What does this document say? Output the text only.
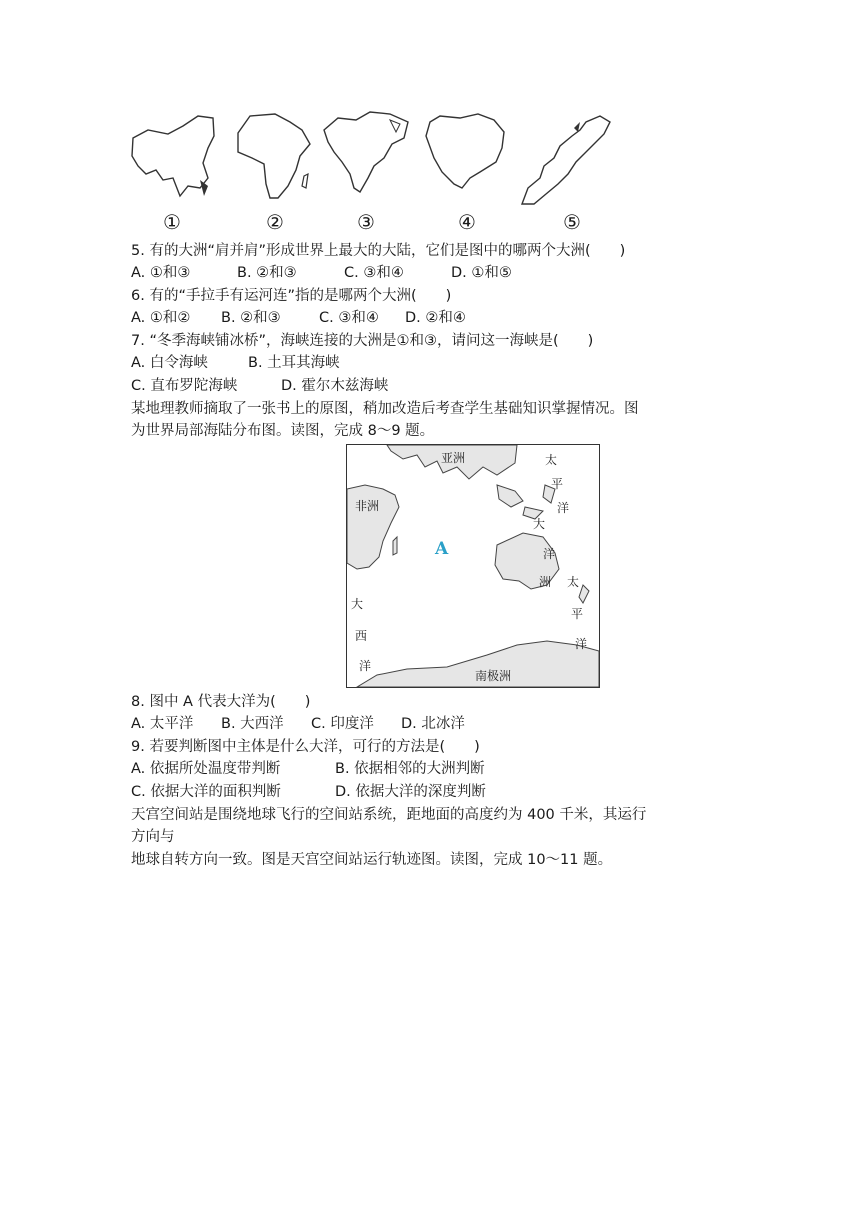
①	②	③	④	⑤
5. 有的大洲“肩并肩”形成世界上最大的大陆，它们是图中的哪两个大洲(　　)
A. ①和③	B. ②和③	C. ③和④	D. ①和⑤
6. 有的“手拉手有运河连”指的是哪两个大洲(　　)
A. ①和② B. ②和③	C. ③和④ D. ②和④
7. “冬季海峡铺冰桥”，海峡连接的大洲是①和③，请问这一海峡是(　　)
A. 白令海峡	B. 土耳其海峡
C. 直布罗陀海峡	D. 霍尔木兹海峡
某地理教师摘取了一张书上的原图，稍加改造后考查学生基础知识掌握情况。图
为世界局部海陆分布图。读图，完成 8～9 题。
亚洲
非洲
南极洲
A
太
平
洋
大
洋
洲 太
平
洋
大
西
洋
8. 图中 A 代表大洋为(　　)
A. 太平洋 B. 大西洋 C. 印度洋 D. 北冰洋
9. 若要判断图中主体是什么大洋，可行的方法是(　　)
A. 依据所处温度带判断	B. 依据相邻的大洲判断
C. 依据大洋的面积判断	D. 依据大洋的深度判断
天宫空间站是围绕地球飞行的空间站系统，距地面的高度约为 400 千米，其运行
方向与
地球自转方向一致。图是天宫空间站运行轨迹图。读图，完成 10～11 题。
